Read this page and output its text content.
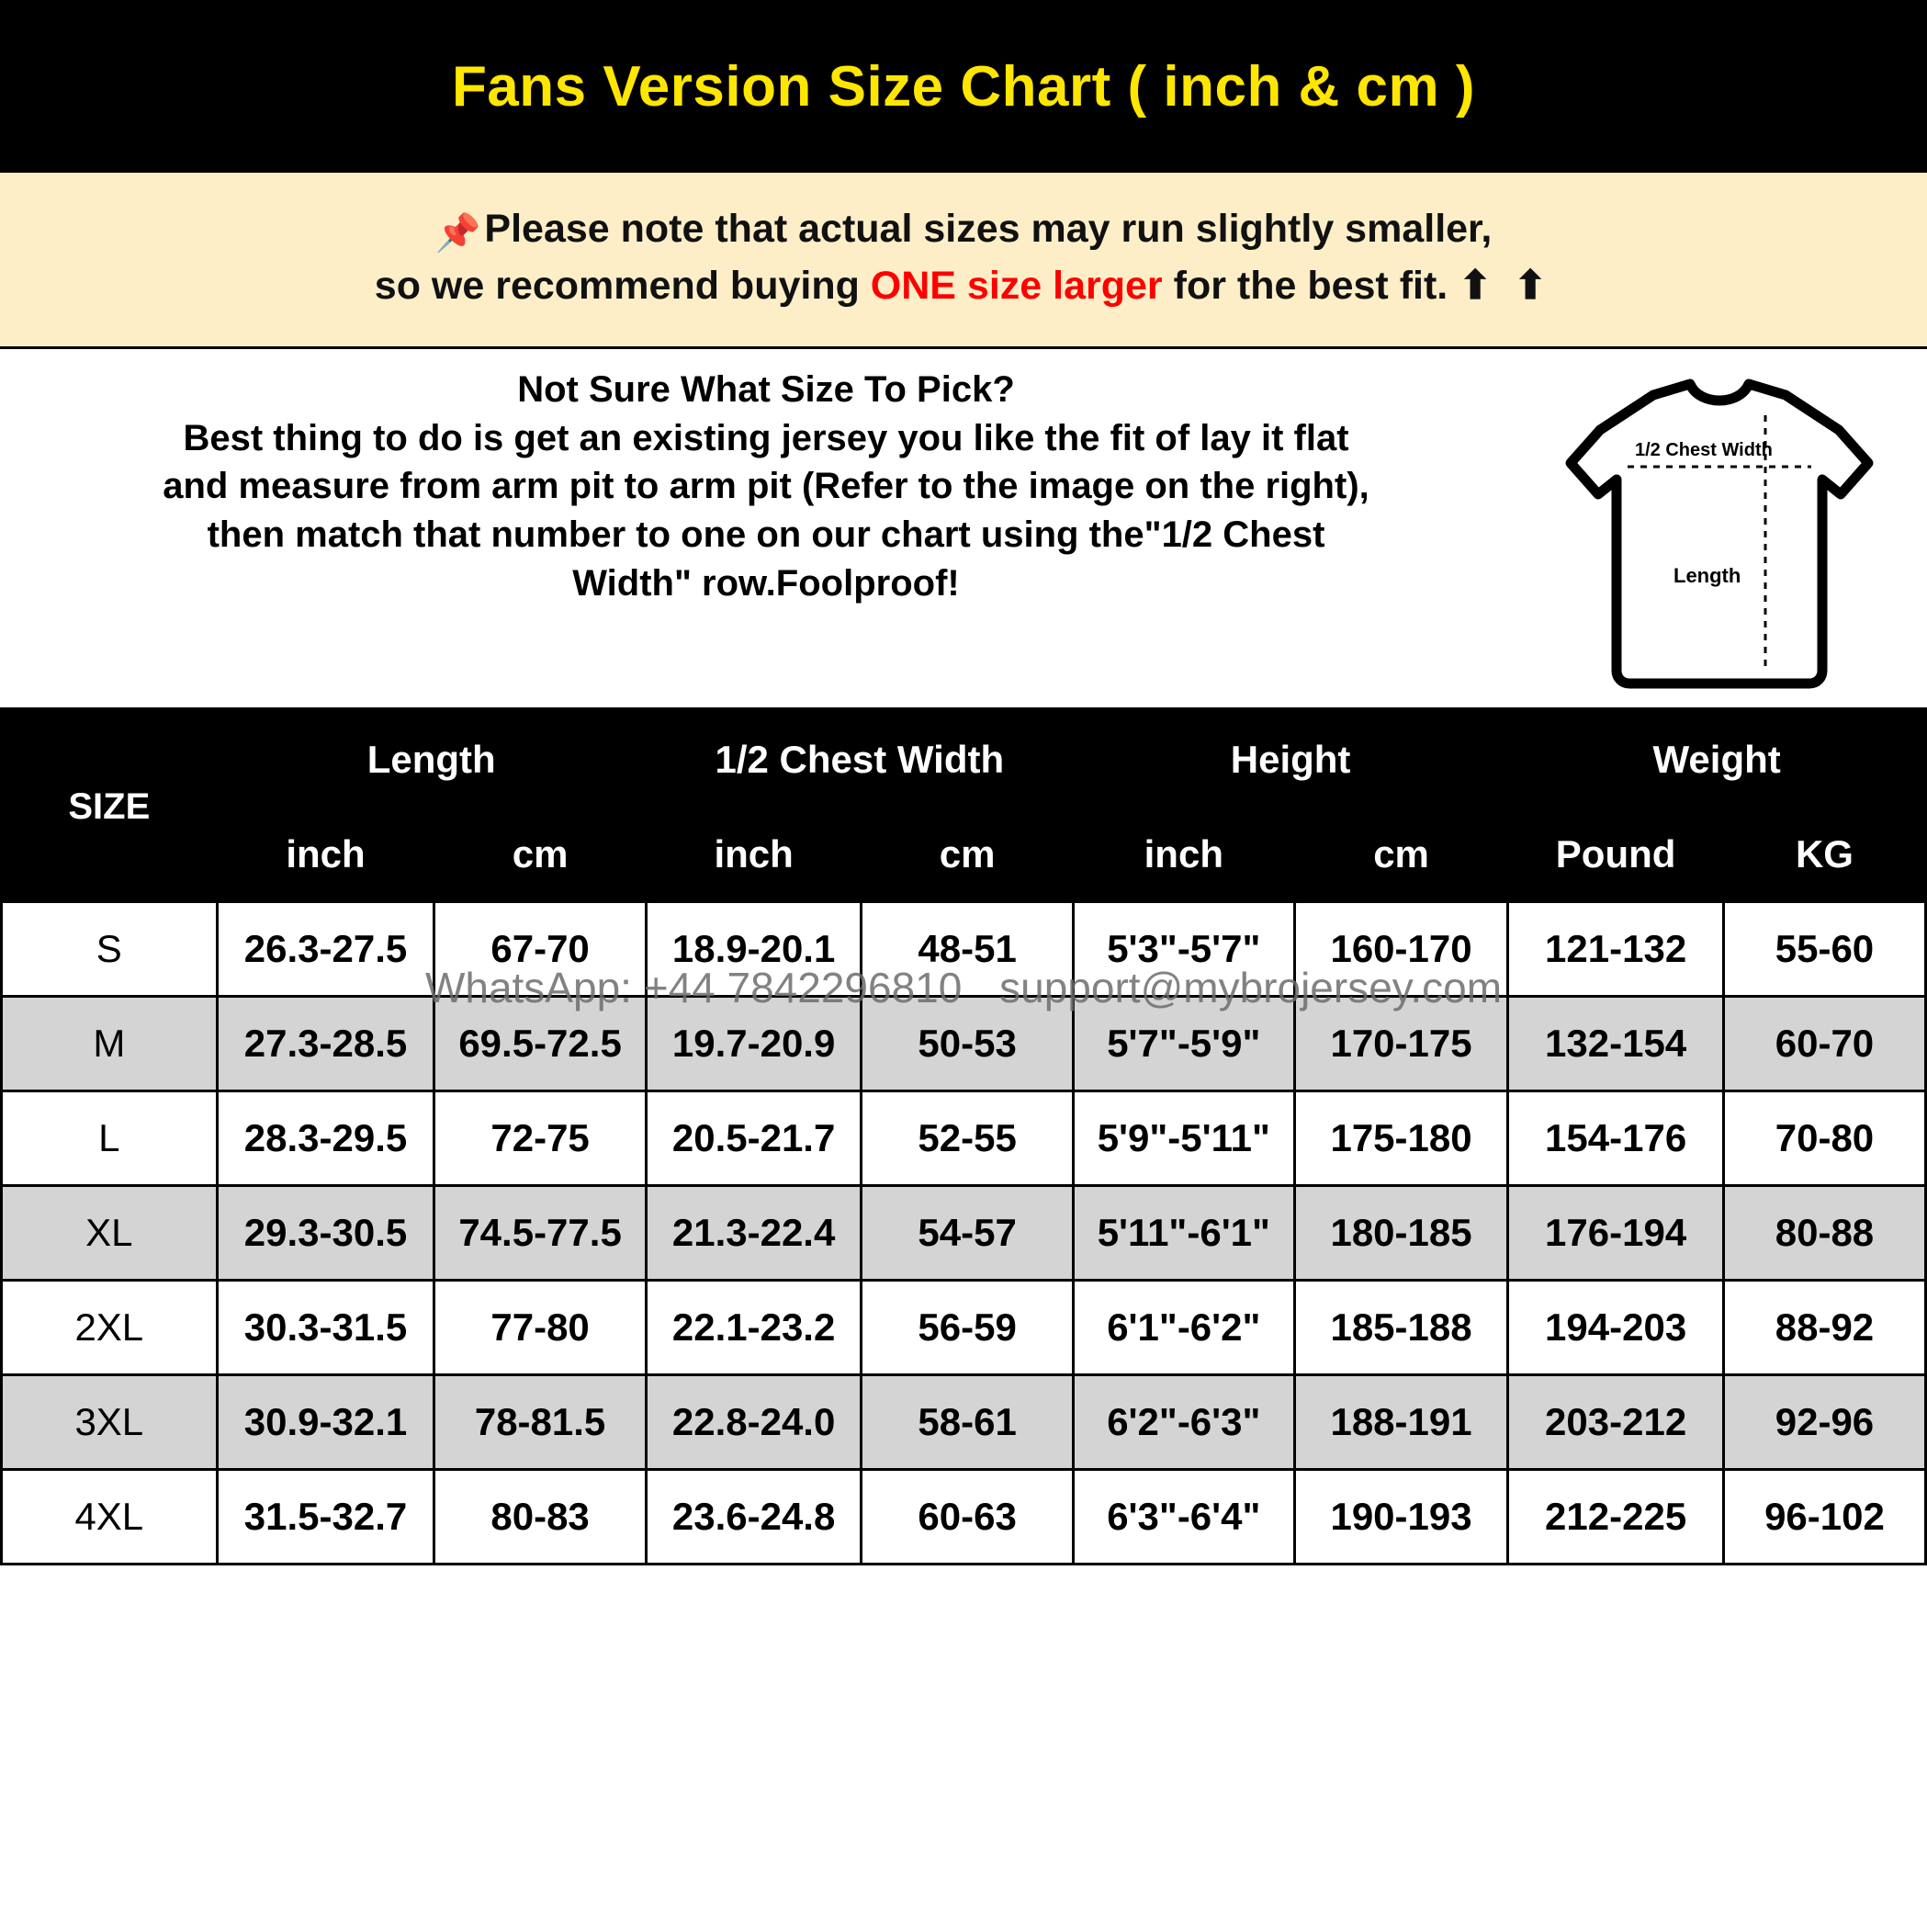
Fans Version Size Chart ( inch & cm )
📌Please note that actual sizes may run slightly smaller,
so we recommend buying ONE size larger for the best fit. ⬆ ⬆
Not Sure What Size To Pick?
Best thing to do is get an existing jersey you like the fit of lay it flat
and measure from arm pit to arm pit (Refer to the image on the right),
then match that number to one on our chart using the"1/2 Chest
Width" row.Foolproof!
1/2 Chest Width
Length
SIZE	Length		1/2 Chest Width		Height		Weight	
	inch	cm	inch	cm	inch	cm	Pound	KG
S	26.3-27.5	67-70	18.9-20.1	48-51	5'3"-5'7"	160-170	121-132	55-60
M	27.3-28.5	69.5-72.5	19.7-20.9	50-53	5'7"-5'9"	170-175	132-154	60-70
L	28.3-29.5	72-75	20.5-21.7	52-55	5'9"-5'11"	175-180	154-176	70-80
XL	29.3-30.5	74.5-77.5	21.3-22.4	54-57	5'11"-6'1"	180-185	176-194	80-88
2XL	30.3-31.5	77-80	22.1-23.2	56-59	6'1"-6'2"	185-188	194-203	88-92
3XL	30.9-32.1	78-81.5	22.8-24.0	58-61	6'2"-6'3"	188-191	203-212	92-96
4XL	31.5-32.7	80-83	23.6-24.8	60-63	6'3"-6'4"	190-193	212-225	96-102
WhatsApp: +44 7842296810 support@mybrojersey.com
